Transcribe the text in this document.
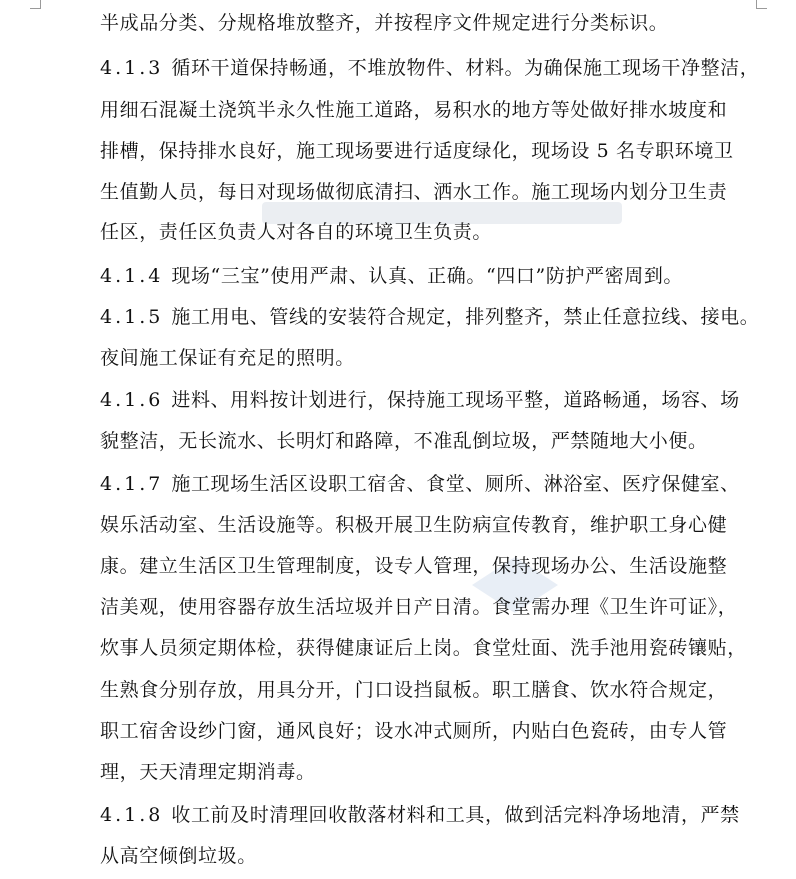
半成品分类、分规格堆放整齐，并按程序文件规定进行分类标识。
4.1.3 循环干道保持畅通，不堆放物件、材料。为确保施工现场干净整洁，
用细石混凝土浇筑半永久性施工道路，易积水的地方等处做好排水坡度和
排槽，保持排水良好，施工现场要进行适度绿化，现场设 5 名专职环境卫
生值勤人员，每日对现场做彻底清扫、洒水工作。施工现场内划分卫生责
任区，责任区负责人对各自的环境卫生负责。
4.1.4 现场“三宝”使用严肃、认真、正确。“四口”防护严密周到。
4.1.5 施工用电、管线的安装符合规定，排列整齐，禁止任意拉线、接电。
夜间施工保证有充足的照明。
4.1.6 进料、用料按计划进行，保持施工现场平整，道路畅通，场容、场
貌整洁，无长流水、长明灯和路障，不准乱倒垃圾，严禁随地大小便。
4.1.7 施工现场生活区设职工宿舍、食堂、厕所、淋浴室、医疗保健室、
娱乐活动室、生活设施等。积极开展卫生防病宣传教育，维护职工身心健
康。建立生活区卫生管理制度，设专人管理，保持现场办公、生活设施整
洁美观，使用容器存放生活垃圾并日产日清。食堂需办理《卫生许可证》，
炊事人员须定期体检，获得健康证后上岗。食堂灶面、洗手池用瓷砖镶贴，
生熟食分别存放，用具分开，门口设挡鼠板。职工膳食、饮水符合规定，
职工宿舍设纱门窗，通风良好；设水冲式厕所，内贴白色瓷砖，由专人管
理，天天清理定期消毒。
4.1.8 收工前及时清理回收散落材料和工具，做到活完料净场地清，严禁
从高空倾倒垃圾。
